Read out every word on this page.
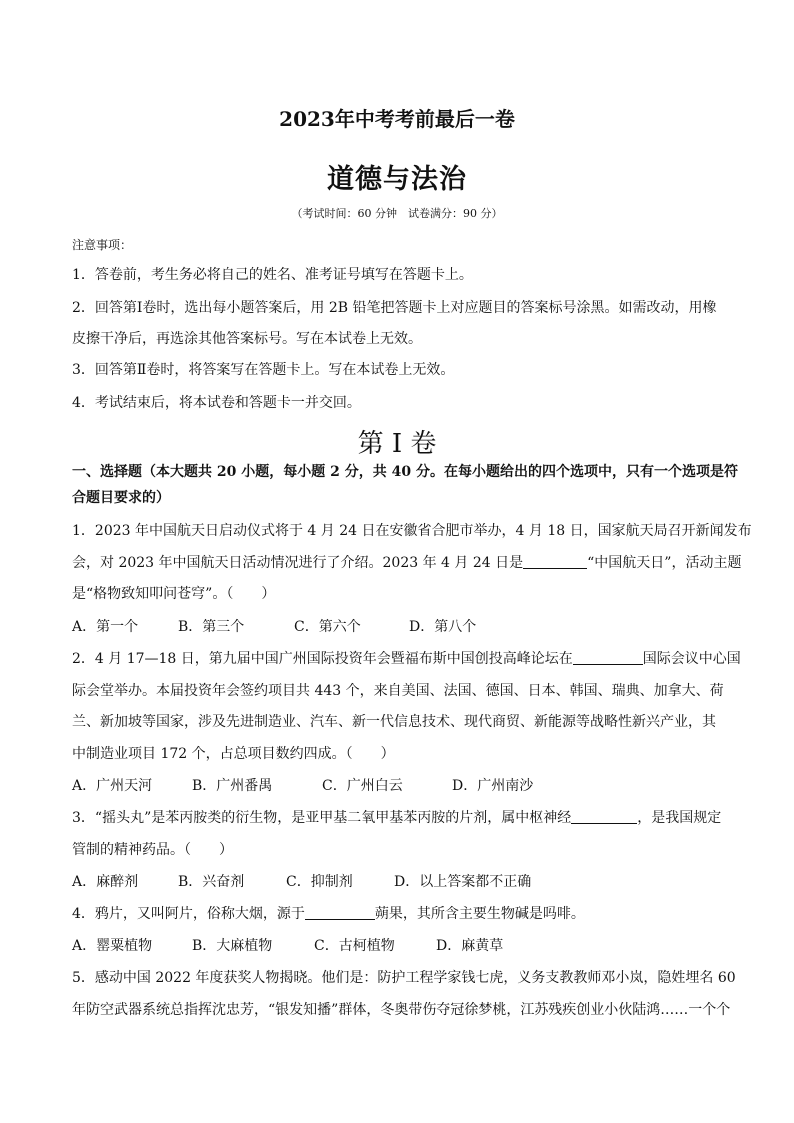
2023年中考考前最后一卷
道德与法治
（考试时间：60 分钟　试卷满分：90 分）
注意事项：
1．答卷前，考生务必将自己的姓名、准考证号填写在答题卡上。
2．回答第Ⅰ卷时，选出每小题答案后，用 2B 铅笔把答题卡上对应题目的答案标号涂黑。如需改动，用橡
皮擦干净后，再选涂其他答案标号。写在本试卷上无效。
3．回答第Ⅱ卷时，将答案写在答题卡上。写在本试卷上无效。
4．考试结束后，将本试卷和答题卡一并交回。
第 I 卷
一、选择题（本大题共 20 小题，每小题 2 分，共 40 分。在每小题给出的四个选项中，只有一个选项是符
合题目要求的）
1．2023 年中国航天日启动仪式将于 4 月 24 日在安徽省合肥市举办，4 月 18 日，国家航天局召开新闻发布
会，对 2023 年中国航天日活动情况进行了介绍。2023 年 4 月 24 日是	“中国航天日”，活动主题
是“格物致知叩问苍穹”。（　　）
A．第一个	B．第三个	C．第六个	D．第八个
2．4 月 17—18 日，第九届中国广州国际投资年会暨福布斯中国创投高峰论坛在	国际会议中心国
际会堂举办。本届投资年会签约项目共 443 个，来自美国、法国、德国、日本、韩国、瑞典、加拿大、荷
兰、新加坡等国家，涉及先进制造业、汽车、新一代信息技术、现代商贸、新能源等战略性新兴产业，其
中制造业项目 172 个，占总项目数约四成。（　　）
A．广州天河	B．广州番禺	C．广州白云	D．广州南沙
3．“摇头丸”是苯丙胺类的衍生物，是亚甲基二氧甲基苯丙胺的片剂，属中枢神经	，是我国规定
管制的精神药品。（　　）
A．麻醉剂	B．兴奋剂	C．抑制剂	D．以上答案都不正确
4．鸦片，又叫阿片，俗称大烟，源于	蒴果，其所含主要生物碱是吗啡。
A．罂粟植物	B．大麻植物	C．古柯植物	D．麻黄草
5．感动中国 2022 年度获奖人物揭晓。他们是：防护工程学家钱七虎，义务支教教师邓小岚，隐姓埋名 60
年防空武器系统总指挥沈忠芳，“银发知播”群体，冬奥带伤夺冠徐梦桃，江苏残疾创业小伙陆鸿……一个个
